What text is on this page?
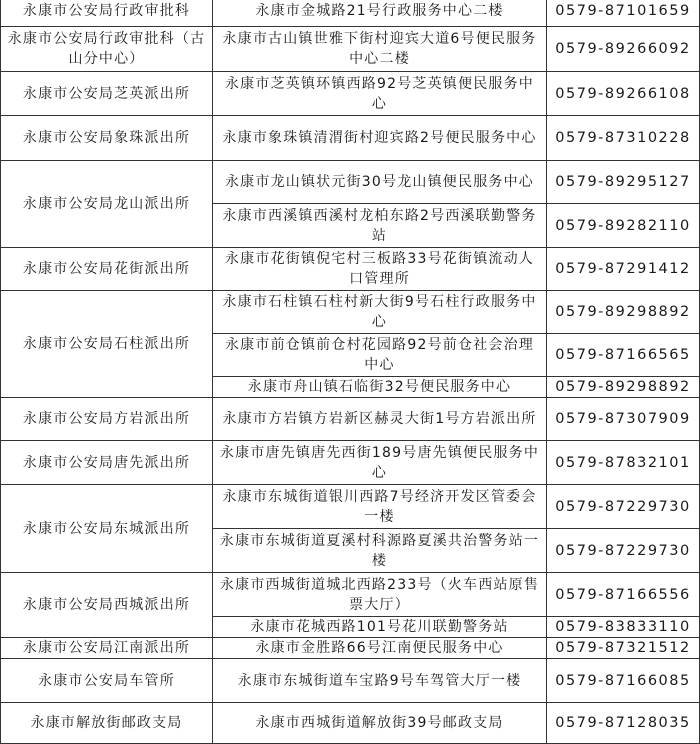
永康市公安局行政审批科	永康市金城路21号行政服务中心二楼	0579-87101659
永康市公安局行政审批科（古山分中心）	永康市古山镇世雅下街村迎宾大道6号便民服务中心二楼	0579-89266092
永康市公安局芝英派出所	永康市芝英镇环镇西路92号芝英镇便民服务中心	0579-89266108
永康市公安局象珠派出所	永康市象珠镇清渭街村迎宾路2号便民服务中心	0579-87310228
永康市公安局龙山派出所	永康市龙山镇状元街30号龙山镇便民服务中心	0579-89295127
	永康市西溪镇西溪村龙柏东路2号西溪联勤警务站	0579-89282110
永康市公安局花街派出所	永康市花街镇倪宅村三板路33号花街镇流动人口管理所	0579-87291412
永康市公安局石柱派出所	永康市石柱镇石柱村新大街9号石柱行政服务中心	0579-89298892
	永康市前仓镇前仓村花园路92号前仓社会治理中心	0579-87166565
	永康市舟山镇石临街32号便民服务中心	0579-89298892
永康市公安局方岩派出所	永康市方岩镇方岩新区赫灵大街1号方岩派出所	0579-87307909
永康市公安局唐先派出所	永康市唐先镇唐先西街189号唐先镇便民服务中心	0579-87832101
永康市公安局东城派出所	永康市东城街道银川西路7号经济开发区管委会一楼	0579-87229730
	永康市东城街道夏溪村科源路夏溪共治警务站一楼	0579-87229730
永康市公安局西城派出所	永康市西城街道城北西路233号（火车西站原售票大厅）	0579-87166556
	永康市花城西路101号花川联勤警务站	0579-83833110
永康市公安局江南派出所	永康市金胜路66号江南便民服务中心	0579-87321512
永康市公安局车管所	永康市东城街道车宝路9号车驾管大厅一楼	0579-87166085
永康市解放街邮政支局	永康市西城街道解放街39号邮政支局	0579-87128035
